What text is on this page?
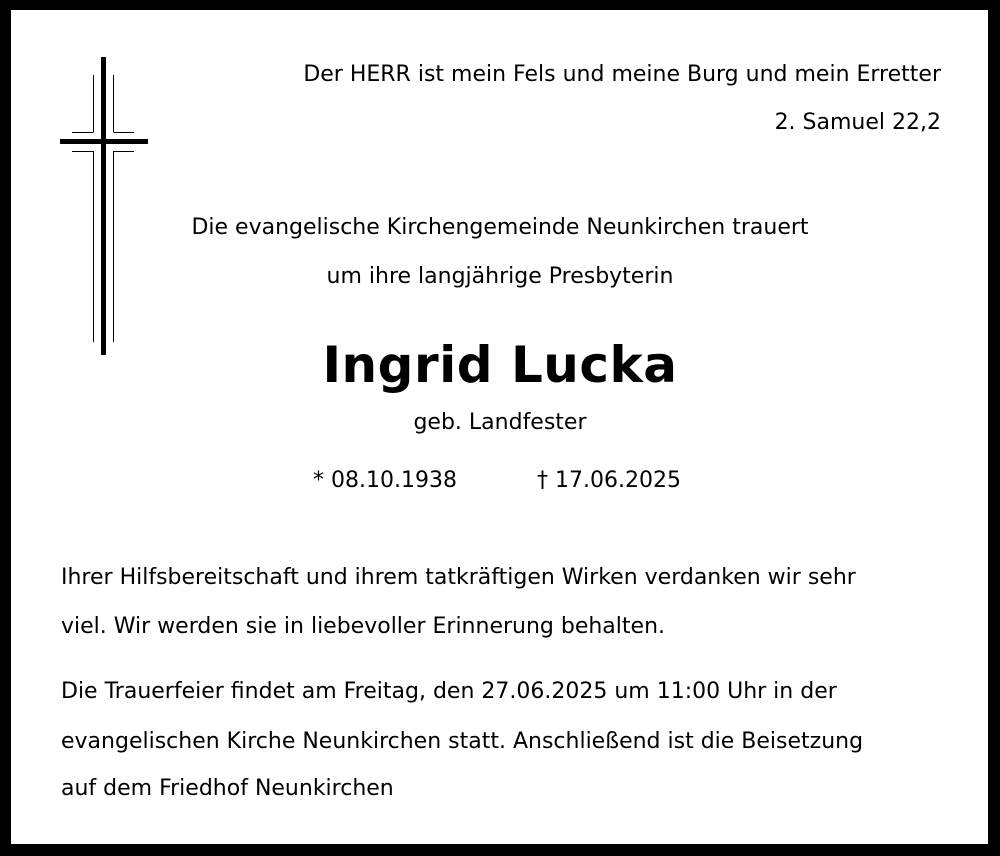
Der HERR ist mein Fels und meine Burg und mein Erretter
2. Samuel 22,2
Die evangelische Kirchengemeinde Neunkirchen trauert
um ihre langjährige Presbyterin
Ingrid Lucka
geb. Landfester
* 08.10.1938	† 17.06.2025
Ihrer Hilfsbereitschaft und ihrem tatkräftigen Wirken verdanken wir sehr
viel. Wir werden sie in liebevoller Erinnerung behalten.
Die Trauerfeier findet am Freitag, den 27.06.2025 um 11:00 Uhr in der
evangelischen Kirche Neunkirchen statt. Anschließend ist die Beisetzung
auf dem Friedhof Neunkirchen
